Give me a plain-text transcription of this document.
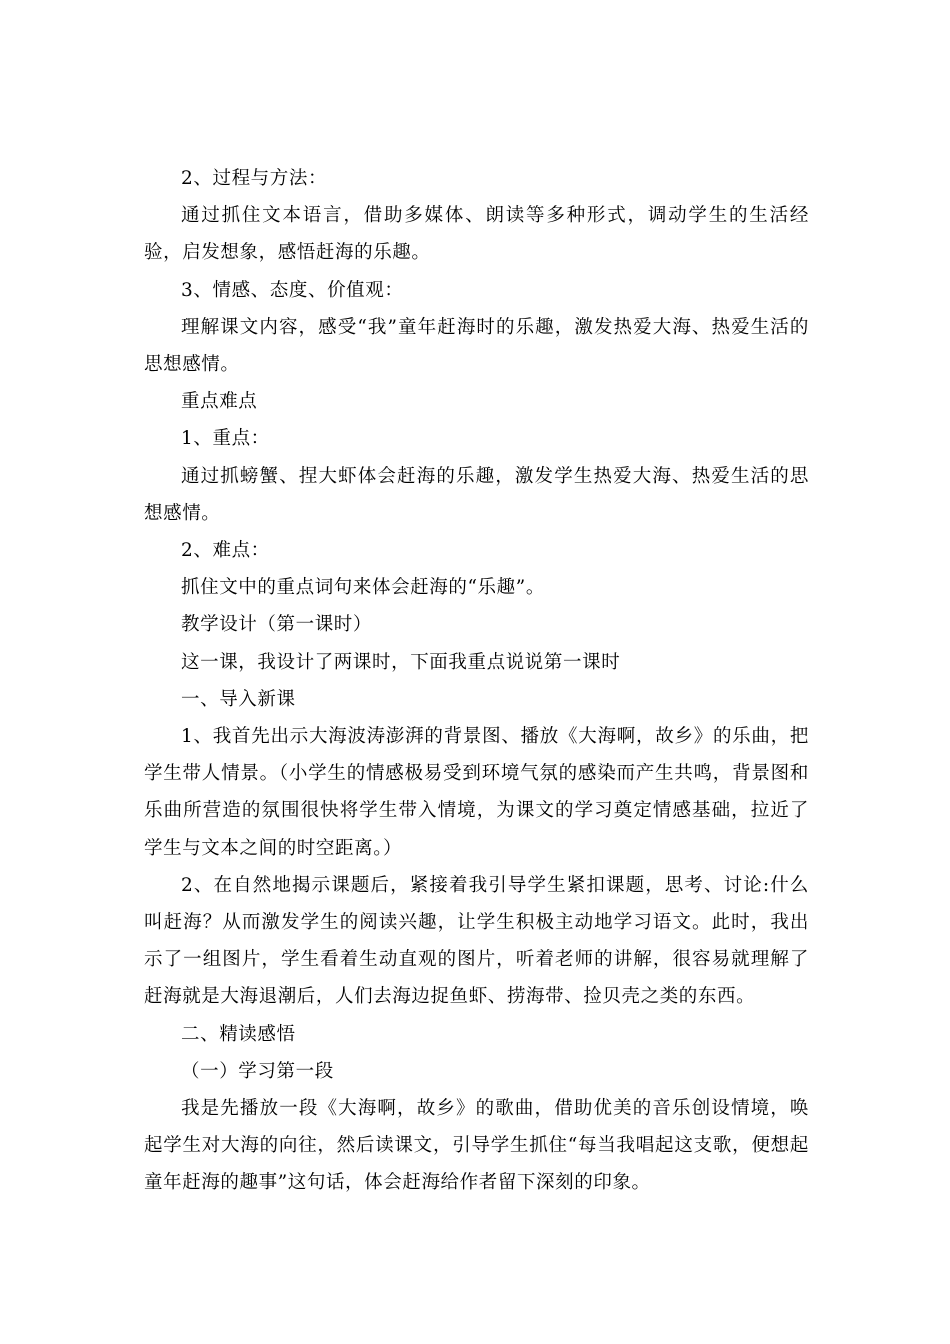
2、过程与方法：

通过抓住文本语言，借助多媒体、朗读等多种形式，调动学生的生活经验，启发想象，感悟赶海的乐趣。

3、情感、态度、价值观：

理解课文内容，感受“我”童年赶海时的乐趣，激发热爱大海、热爱生活的思想感情。

重点难点

1、重点：

通过抓螃蟹、捏大虾体会赶海的乐趣，激发学生热爱大海、热爱生活的思想感情。

2、难点：

抓住文中的重点词句来体会赶海的“乐趣”。

教学设计（第一课时）

这一课，我设计了两课时，下面我重点说说第一课时

一、导入新课

1、我首先出示大海波涛澎湃的背景图、播放《大海啊，故乡》的乐曲，把学生带人情景。（小学生的情感极易受到环境气氛的感染而产生共鸣，背景图和乐曲所营造的氛围很快将学生带入情境，为课文的学习奠定情感基础，拉近了学生与文本之间的时空距离。）

2、在自然地揭示课题后，紧接着我引导学生紧扣课题，思考、讨论:什么叫赶海？从而激发学生的阅读兴趣，让学生积极主动地学习语文。此时，我出示了一组图片，学生看着生动直观的图片，听着老师的讲解，很容易就理解了赶海就是大海退潮后，人们去海边捉鱼虾、捞海带、捡贝壳之类的东西。

二、精读感悟

（一）学习第一段

我是先播放一段《大海啊，故乡》的歌曲，借助优美的音乐创设情境，唤起学生对大海的向往，然后读课文，引导学生抓住“每当我唱起这支歌，便想起童年赶海的趣事”这句话，体会赶海给作者留下深刻的印象。
